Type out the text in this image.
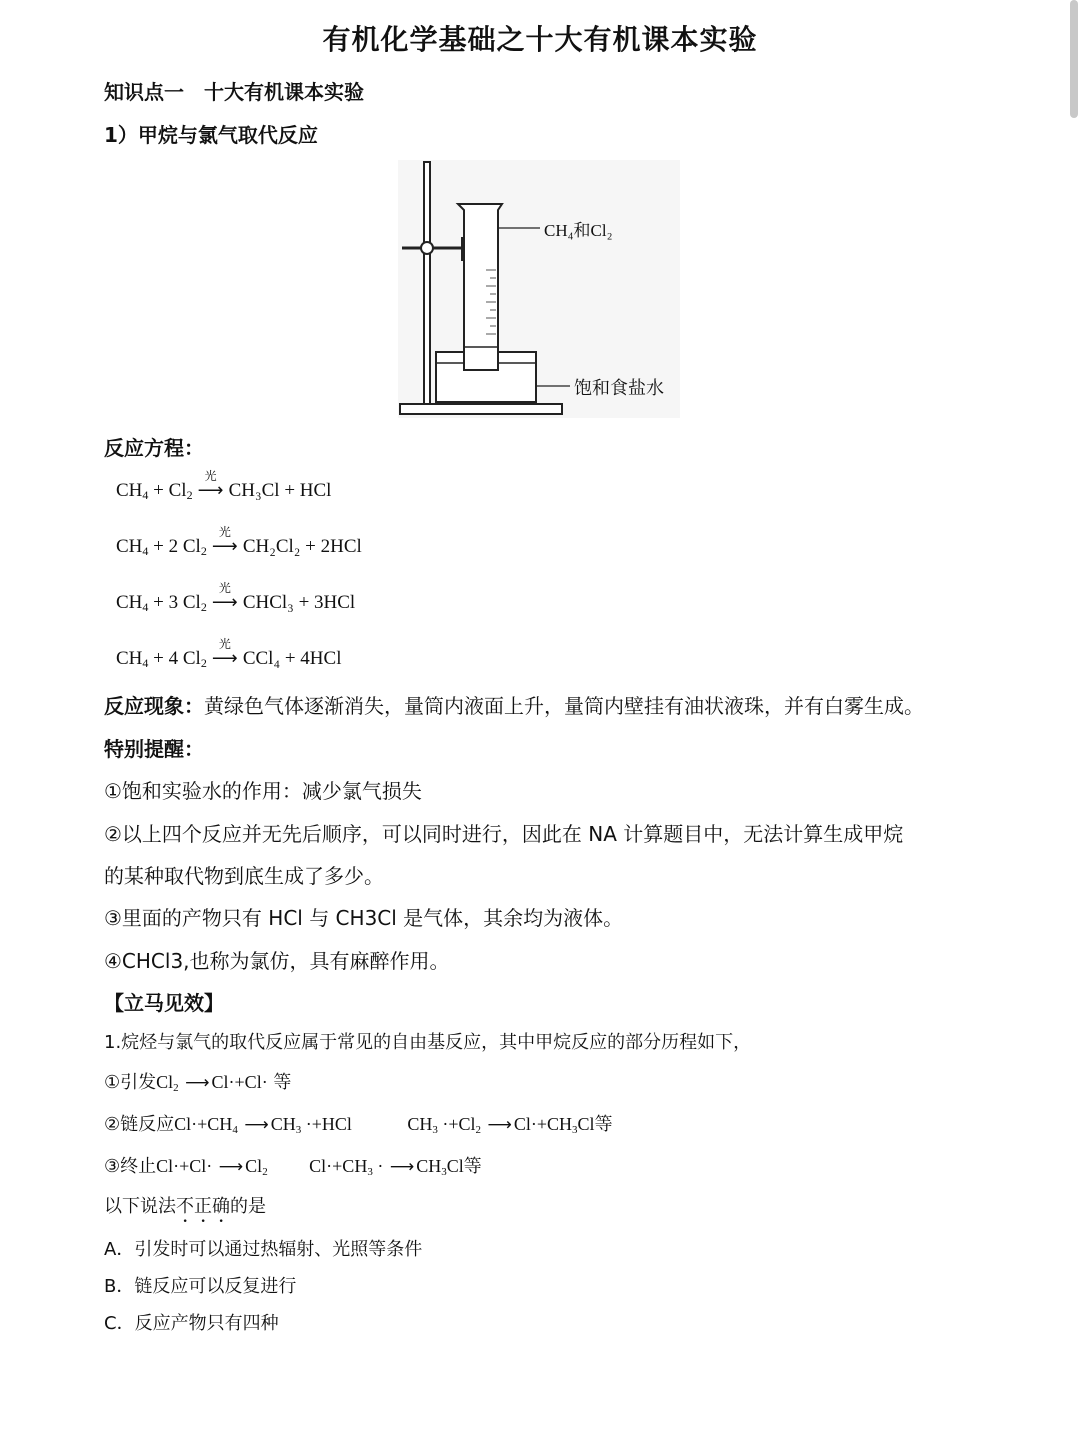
有机化学基础之十大有机课本实验
知识点一　十大有机课本实验
1）甲烷与氯气取代反应
CH₄和Cl₂
饱和食盐水
反应方程：
$CH_4 + Cl_2$
光
⟶ CH₃Cl + HCl
$CH_4 + 2$ $Cl_2$
光
⟶ CH₂Cl₂ + 2HCl
$CH_4 + 3$ $Cl_2$
光
⟶ CHCl₃ + 3HCl
$CH_4 + 4$ $Cl_2$
光
⟶ CCl₄ + 4HCl
反应现象：黄绿色气体逐渐消失，量筒内液面上升，量筒内壁挂有油状液珠，并有白雾生成。
特别提醒：
①饱和实验水的作用：减少氯气损失
②以上四个反应并无先后顺序，可以同时进行，因此在 NA 计算题目中，无法计算生成甲烷
的某种取代物到底生成了多少。
③里面的产物只有 HCl 与 CH3Cl 是气体，其余均为液体。
④CHCl3,也称为氯仿，具有麻醉作用。
【立马见效】
1.烷烃与氯气的取代反应属于常见的自由基反应，其中甲烷反应的部分历程如下，
①引发$Cl_2$ ⟶ Cl·+Cl· 等
②链反应$Cl\cdot+CH_4$ ⟶ $CH_3 \cdot+HCl$	$CH_3 \cdot+Cl_2$ ⟶ $Cl\cdot+CH_3Cl$等
③终止Cl·+Cl· ⟶ $Cl_2$ $Cl\cdot+CH_3$ · ⟶ $CH_3Cl$等
以下说法不正确的是
A．引发时可以通过热辐射、光照等条件
B．链反应可以反复进行
C．反应产物只有四种
